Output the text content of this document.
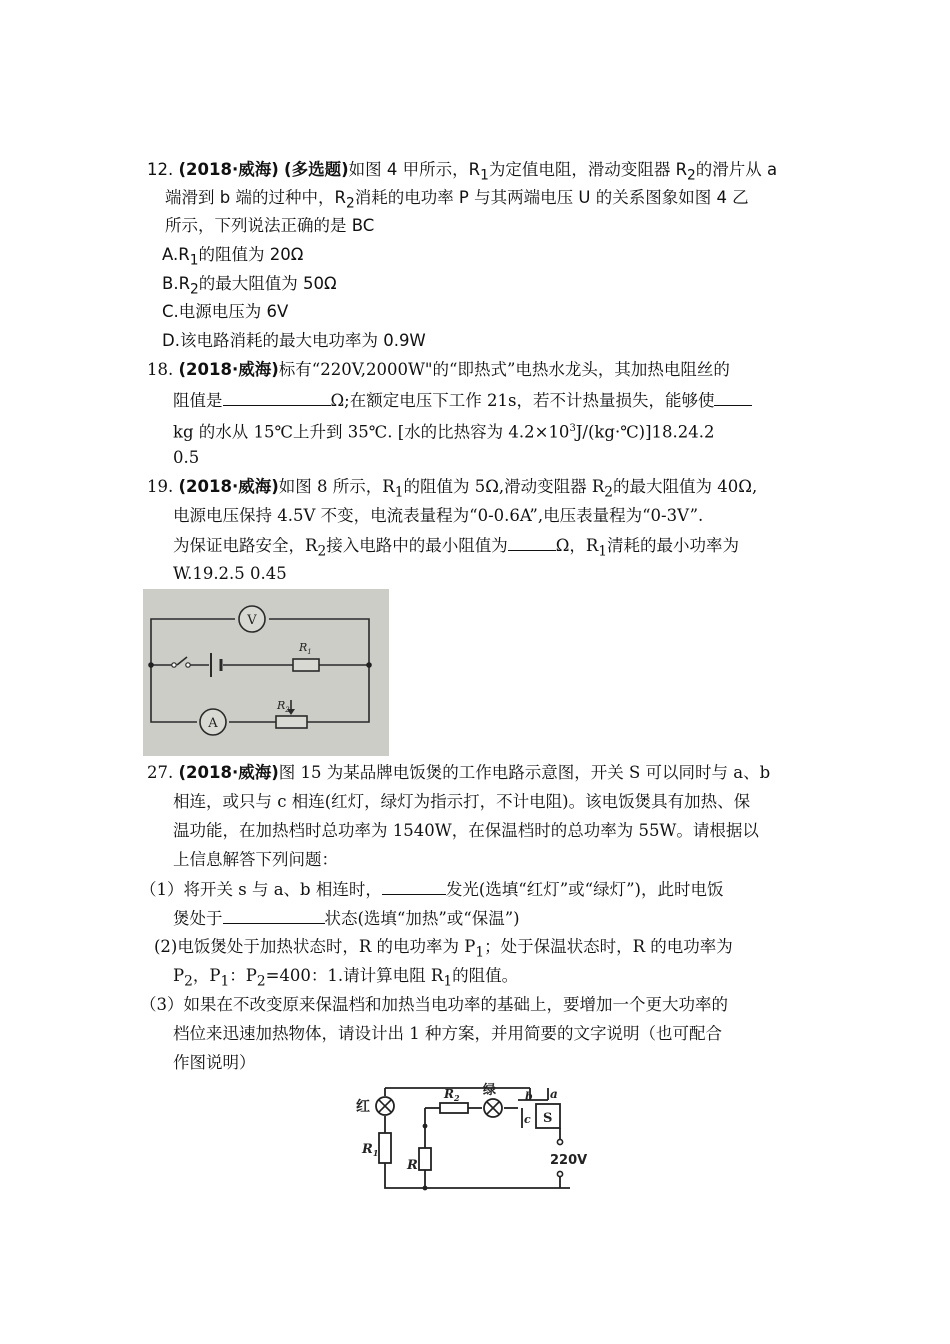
12. (2018·威海) (多选题)如图 4 甲所示，$R_1$为定值电阻，滑动变阻器 $R_2$的滑片从 a
端滑到 b 端的过种中，$R_2$消耗的电功率 P 与其两端电压 U 的关系图象如图 4 乙
所示，下列说法正确的是 BC
$A.R_1$的阻值为 20Ω
$B.R_2$的最大阻值为 50Ω
C.电源电压为 6V
D.该电路消耗的最大电功率为 0.9W
18. (2018·威海)标有“220V,2000W"的“即热式”电热水龙头，其加热电阻丝的
阻值是	Ω;在额定电压下工作 21s，若不计热量损失，能够使
kg 的水从 15℃上升到 35℃. [水的比热容为 $4.2\times 10^3J/(kg\cdot℃)]18.24.2$
0.5
19. (2018·威海)如图 8 所示，$R_1$的阻值为 5Ω,滑动变阻器 $R_2$的最大阻值为 40Ω,
电源电压保持 4.5V 不变，电流表量程为“0-0.6A”,电压表量程为“0-3V”.
为保证电路安全，$R_2$接入电路中的最小阻值为	Ω，$R_1$清耗的最小功率为
W.19.2.5 0.45
V
$R_1$
A
$R_2$
27. (2018·威海)图 15 为某品牌电饭煲的工作电路示意图，开关 S 可以同时与 a、b
相连，或只与 c 相连(红灯，绿灯为指示打，不计电阻)。该电饭煲具有加热、保
温功能，在加热档时总功率为 1540W，在保温档时的总功率为 55W。请根据以
上信息解答下列问题：
（1）将开关 s 与 a、b 相连时，	发光(选填“红灯”或“绿灯”)，此时电饭
煲处于	状态(选填“加热”或“保温”)
(2)电饭煲处于加热状态时，R 的电功率为 $P_1$；处于保温状态时，R 的电功率为
$P_2$，$P_1$：$P_2=400$：1.请计算电阻 $R_1$的阻值。
（3）如果在不改变原来保温档和加热当电功率的基础上，要增加一个更大功率的
档位来迅速加热物体，请设计出 1 种方案，并用简要的文字说明（也可配合
作图说明）
红
$R_1$
R
$R_2$ 绿	b a
c S
220V
